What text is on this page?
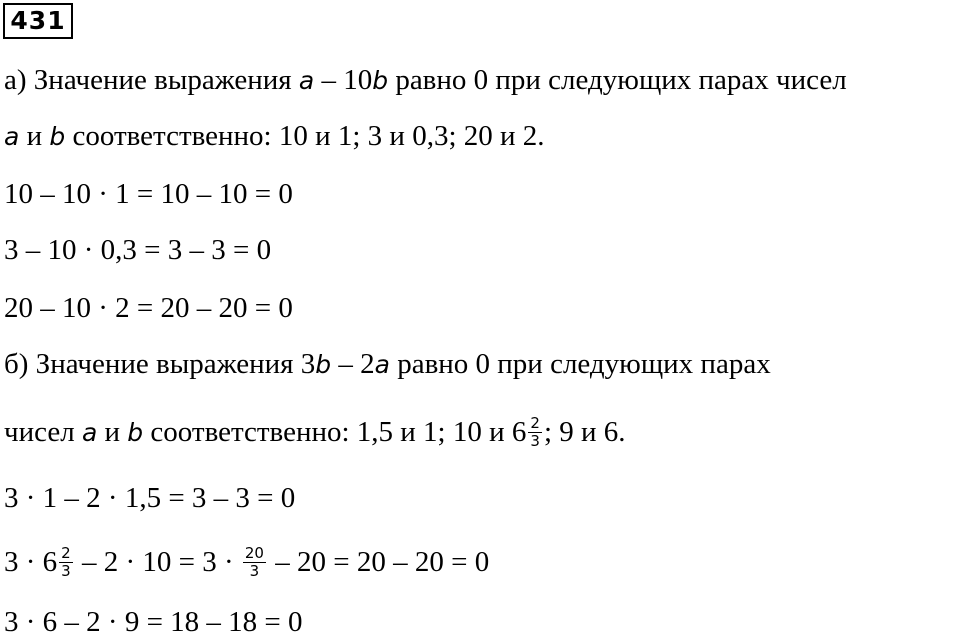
431
а) Значение выражения a – 10b равно 0 при следующих парах чисел
a и b соответственно: 10 и 1; 3 и 0,3; 20 и 2.
10 – 10 · 1 = 10 – 10 = 0
3 – 10 · 0,3 = 3 – 3 = 0
20 – 10 · 2 = 20 – 20 = 0
б) Значение выражения 3b – 2a равно 0 при следующих парах
чисел a и b соответственно: 1,5 и 1; 10 и $6 \frac{2}{3}$ ; 9 и 6.
3 · 1 – 2 · 1,5 = 3 – 3 = 0
$3 \cdot 6 \frac{2}{3} - 2 \cdot 10 = 3 \cdot \frac{20}{3} - 20 = 20 - 20 = 0$
3 · 6 – 2 · 9 = 18 – 18 = 0
